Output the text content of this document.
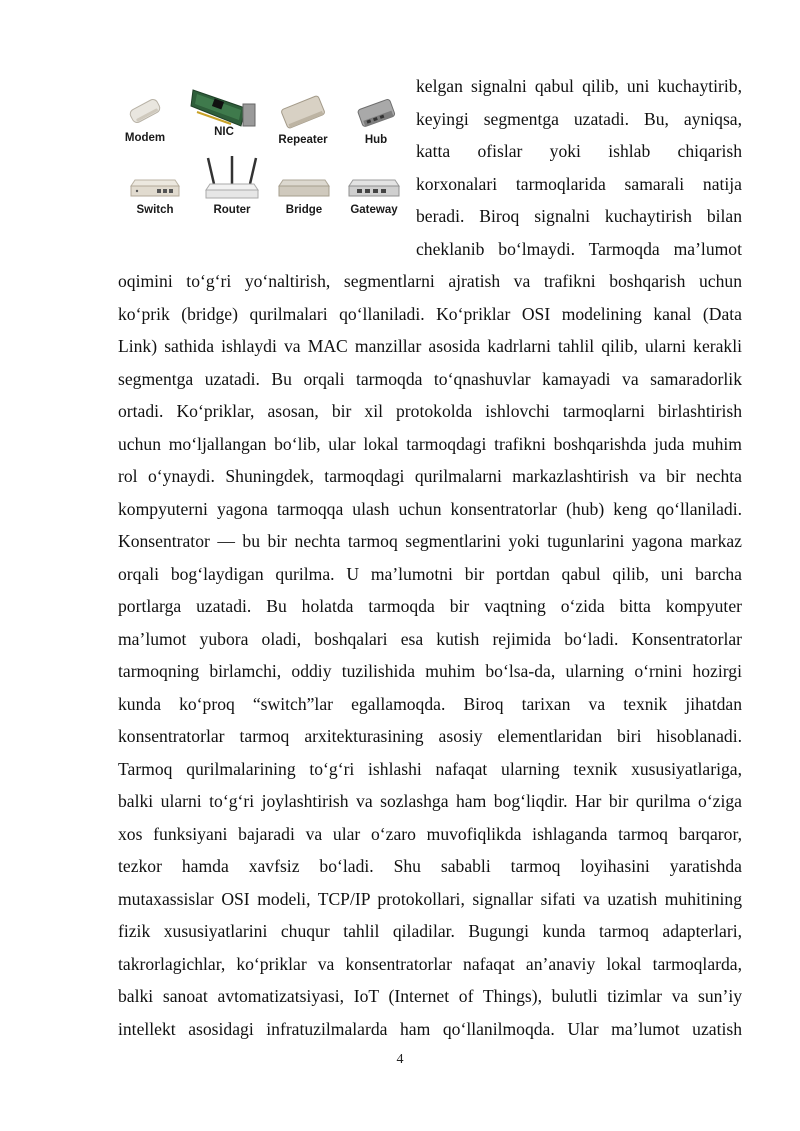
Modem	NIC
Repeater	Hub
Switch	Router	Bridge	Gateway
kelgan signalni qabul qilib, uni kuchaytirib,
keyingi segmentga uzatadi. Bu, ayniqsa,
katta ofislar yoki ishlab chiqarish
korxonalari tarmoqlarida samarali natija
beradi. Biroq signalni kuchaytirish bilan
cheklanib bo‘lmaydi. Tarmoqda ma’lumot
oqimini to‘g‘ri yo‘naltirish, segmentlarni ajratish va trafikni boshqarish uchun
ko‘prik (bridge) qurilmalari qo‘llaniladi. Ko‘priklar OSI modelining kanal (Data
Link) sathida ishlaydi va MAC manzillar asosida kadrlarni tahlil qilib, ularni kerakli
segmentga uzatadi. Bu orqali tarmoqda to‘qnashuvlar kamayadi va samaradorlik
ortadi. Ko‘priklar, asosan, bir xil protokolda ishlovchi tarmoqlarni birlashtirish
uchun mo‘ljallangan bo‘lib, ular lokal tarmoqdagi trafikni boshqarishda juda muhim
rol o‘ynaydi. Shuningdek, tarmoqdagi qurilmalarni markazlashtirish va bir nechta
kompyuterni yagona tarmoqqa ulash uchun konsentratorlar (hub) keng qo‘llaniladi.
Konsentrator — bu bir nechta tarmoq segmentlarini yoki tugunlarini yagona markaz
orqali bog‘laydigan qurilma. U ma’lumotni bir portdan qabul qilib, uni barcha
portlarga uzatadi. Bu holatda tarmoqda bir vaqtning o‘zida bitta kompyuter
ma’lumot yubora oladi, boshqalari esa kutish rejimida bo‘ladi. Konsentratorlar
tarmoqning birlamchi, oddiy tuzilishida muhim bo‘lsa-da, ularning o‘rnini hozirgi
kunda ko‘proq “switch”lar egallamoqda. Biroq tarixan va texnik jihatdan
konsentratorlar tarmoq arxitekturasining asosiy elementlaridan biri hisoblanadi.
Tarmoq qurilmalarining to‘g‘ri ishlashi nafaqat ularning texnik xususiyatlariga,
balki ularni to‘g‘ri joylashtirish va sozlashga ham bog‘liqdir. Har bir qurilma o‘ziga
xos funksiyani bajaradi va ular o‘zaro muvofiqlikda ishlaganda tarmoq barqaror,
tezkor hamda xavfsiz bo‘ladi. Shu sababli tarmoq loyihasini yaratishda
mutaxassislar OSI modeli, TCP/IP protokollari, signallar sifati va uzatish muhitining
fizik xususiyatlarini chuqur tahlil qiladilar. Bugungi kunda tarmoq adapterlari,
takrorlagichlar, ko‘priklar va konsentratorlar nafaqat an’anaviy lokal tarmoqlarda,
balki sanoat avtomatizatsiyasi, IoT (Internet of Things), bulutli tizimlar va sun’iy
intellekt asosidagi infratuzilmalarda ham qo‘llanilmoqda. Ular ma’lumot uzatish
4
